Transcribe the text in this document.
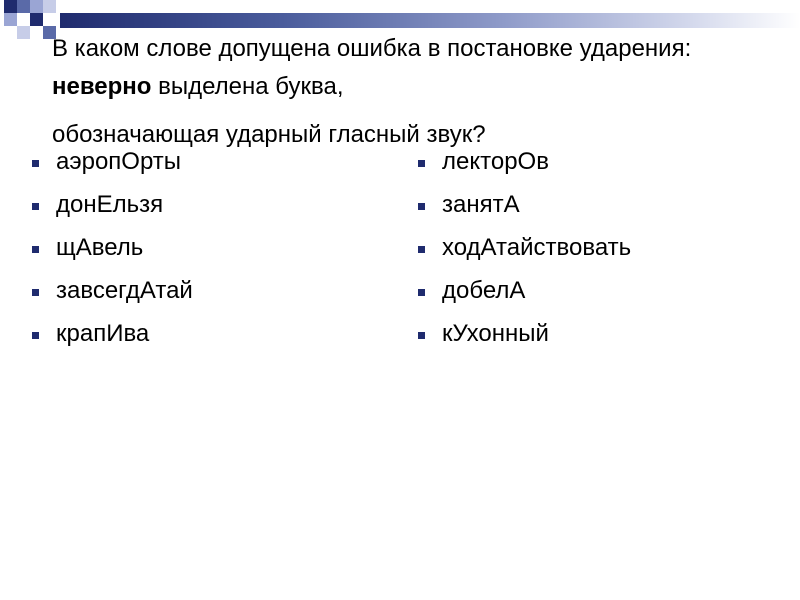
В каком слове допущена ошибка в постановке ударения: неверно выделена буква,
обозначающая ударный гласный звук?
аэропОрты
донЕльзя
щАвель
завсегдАтай
крапИва
лекторОв
занятА
ходАтайствовать
добелА
кУхонный
